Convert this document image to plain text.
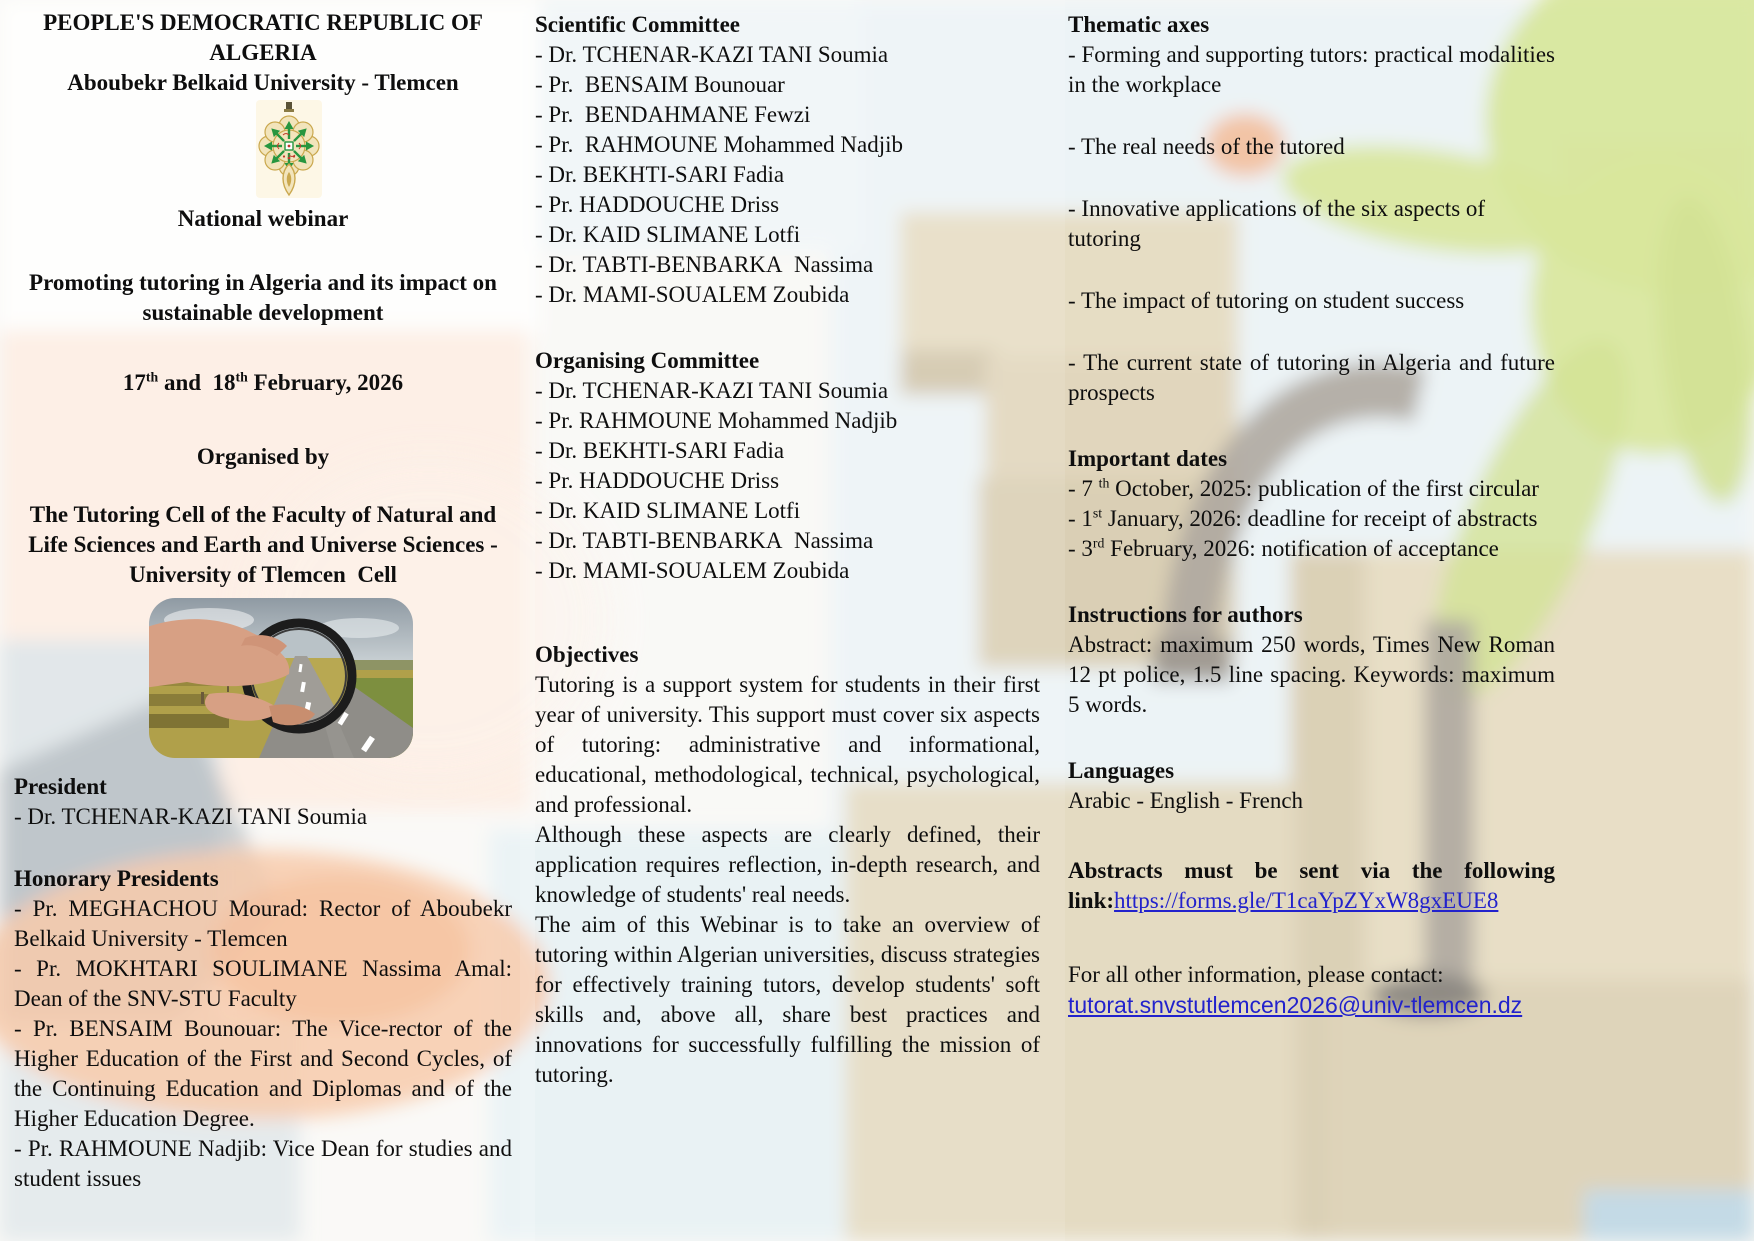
PEOPLE'S DEMOCRATIC REPUBLIC OF ALGERIA
Aboubekr Belkaid University - Tlemcen
National webinar
Promoting tutoring in Algeria and its impact on sustainable development
17th and  18th February, 2026
Organised by
The Tutoring Cell of the Faculty of Natural and Life Sciences and Earth and Universe Sciences - University of Tlemcen  Cell
President
- Dr. TCHENAR-KAZI TANI Soumia
Honorary Presidents
- Pr. MEGHACHOU Mourad: Rector of Aboubekr Belkaid University - Tlemcen
- Pr. MOKHTARI SOULIMANE Nassima Amal: Dean of the SNV-STU Faculty
- Pr. BENSAIM Bounouar: The Vice-rector of the Higher Education of the First and Second Cycles, of the Continuing Education and Diplomas and of the Higher Education Degree.
- Pr. RAHMOUNE Nadjib: Vice Dean for studies and student issues
Scientific Committee
- Dr. TCHENAR-KAZI TANI Soumia
- Pr.  BENSAIM Bounouar
- Pr.  BENDAHMANE Fewzi
- Pr.  RAHMOUNE Mohammed Nadjib
- Dr. BEKHTI-SARI Fadia
- Pr. HADDOUCHE Driss
- Dr. KAID SLIMANE Lotfi
- Dr. TABTI-BENBARKA  Nassima
- Dr. MAMI-SOUALEM Zoubida
Organising Committee
- Dr. TCHENAR-KAZI TANI Soumia
- Pr. RAHMOUNE Mohammed Nadjib
- Dr. BEKHTI-SARI Fadia
- Pr. HADDOUCHE Driss
- Dr. KAID SLIMANE Lotfi
- Dr. TABTI-BENBARKA  Nassima
- Dr. MAMI-SOUALEM Zoubida
Objectives
Tutoring is a support system for students in their first year of university. This support must cover six aspects of tutoring: administrative and informational, educational, methodological, technical, psychological, and professional.
Although these aspects are clearly defined, their application requires reflection, in-depth research, and knowledge of students' real needs.
The aim of this Webinar is to take an overview of tutoring within Algerian universities, discuss strategies for effectively training tutors, develop students' soft skills and, above all, share best practices and innovations for successfully fulfilling the mission of tutoring.
Thematic axes
- Forming and supporting tutors: practical modalities in the workplace
- The real needs of the tutored
- Innovative applications of the six aspects of tutoring
- The impact of tutoring on student success
- The current state of tutoring in Algeria and future prospects
Important dates
- 7 $^{th}$ October, 2025: publication of the first circular
- 1st January, 2026: deadline for receipt of abstracts
- 3rd February, 2026: notification of acceptance
Instructions for authors
Abstract: maximum 250 words, Times New Roman 12 pt police, 1.5 line spacing. Keywords: maximum 5 words.
Languages
Arabic - English - French
Abstracts must be sent via the following link:https://forms.gle/T1caYpZYxW8gxEUE8
For all other information, please contact:
tutorat.snvstutlemcen2026@univ-tlemcen.dz
